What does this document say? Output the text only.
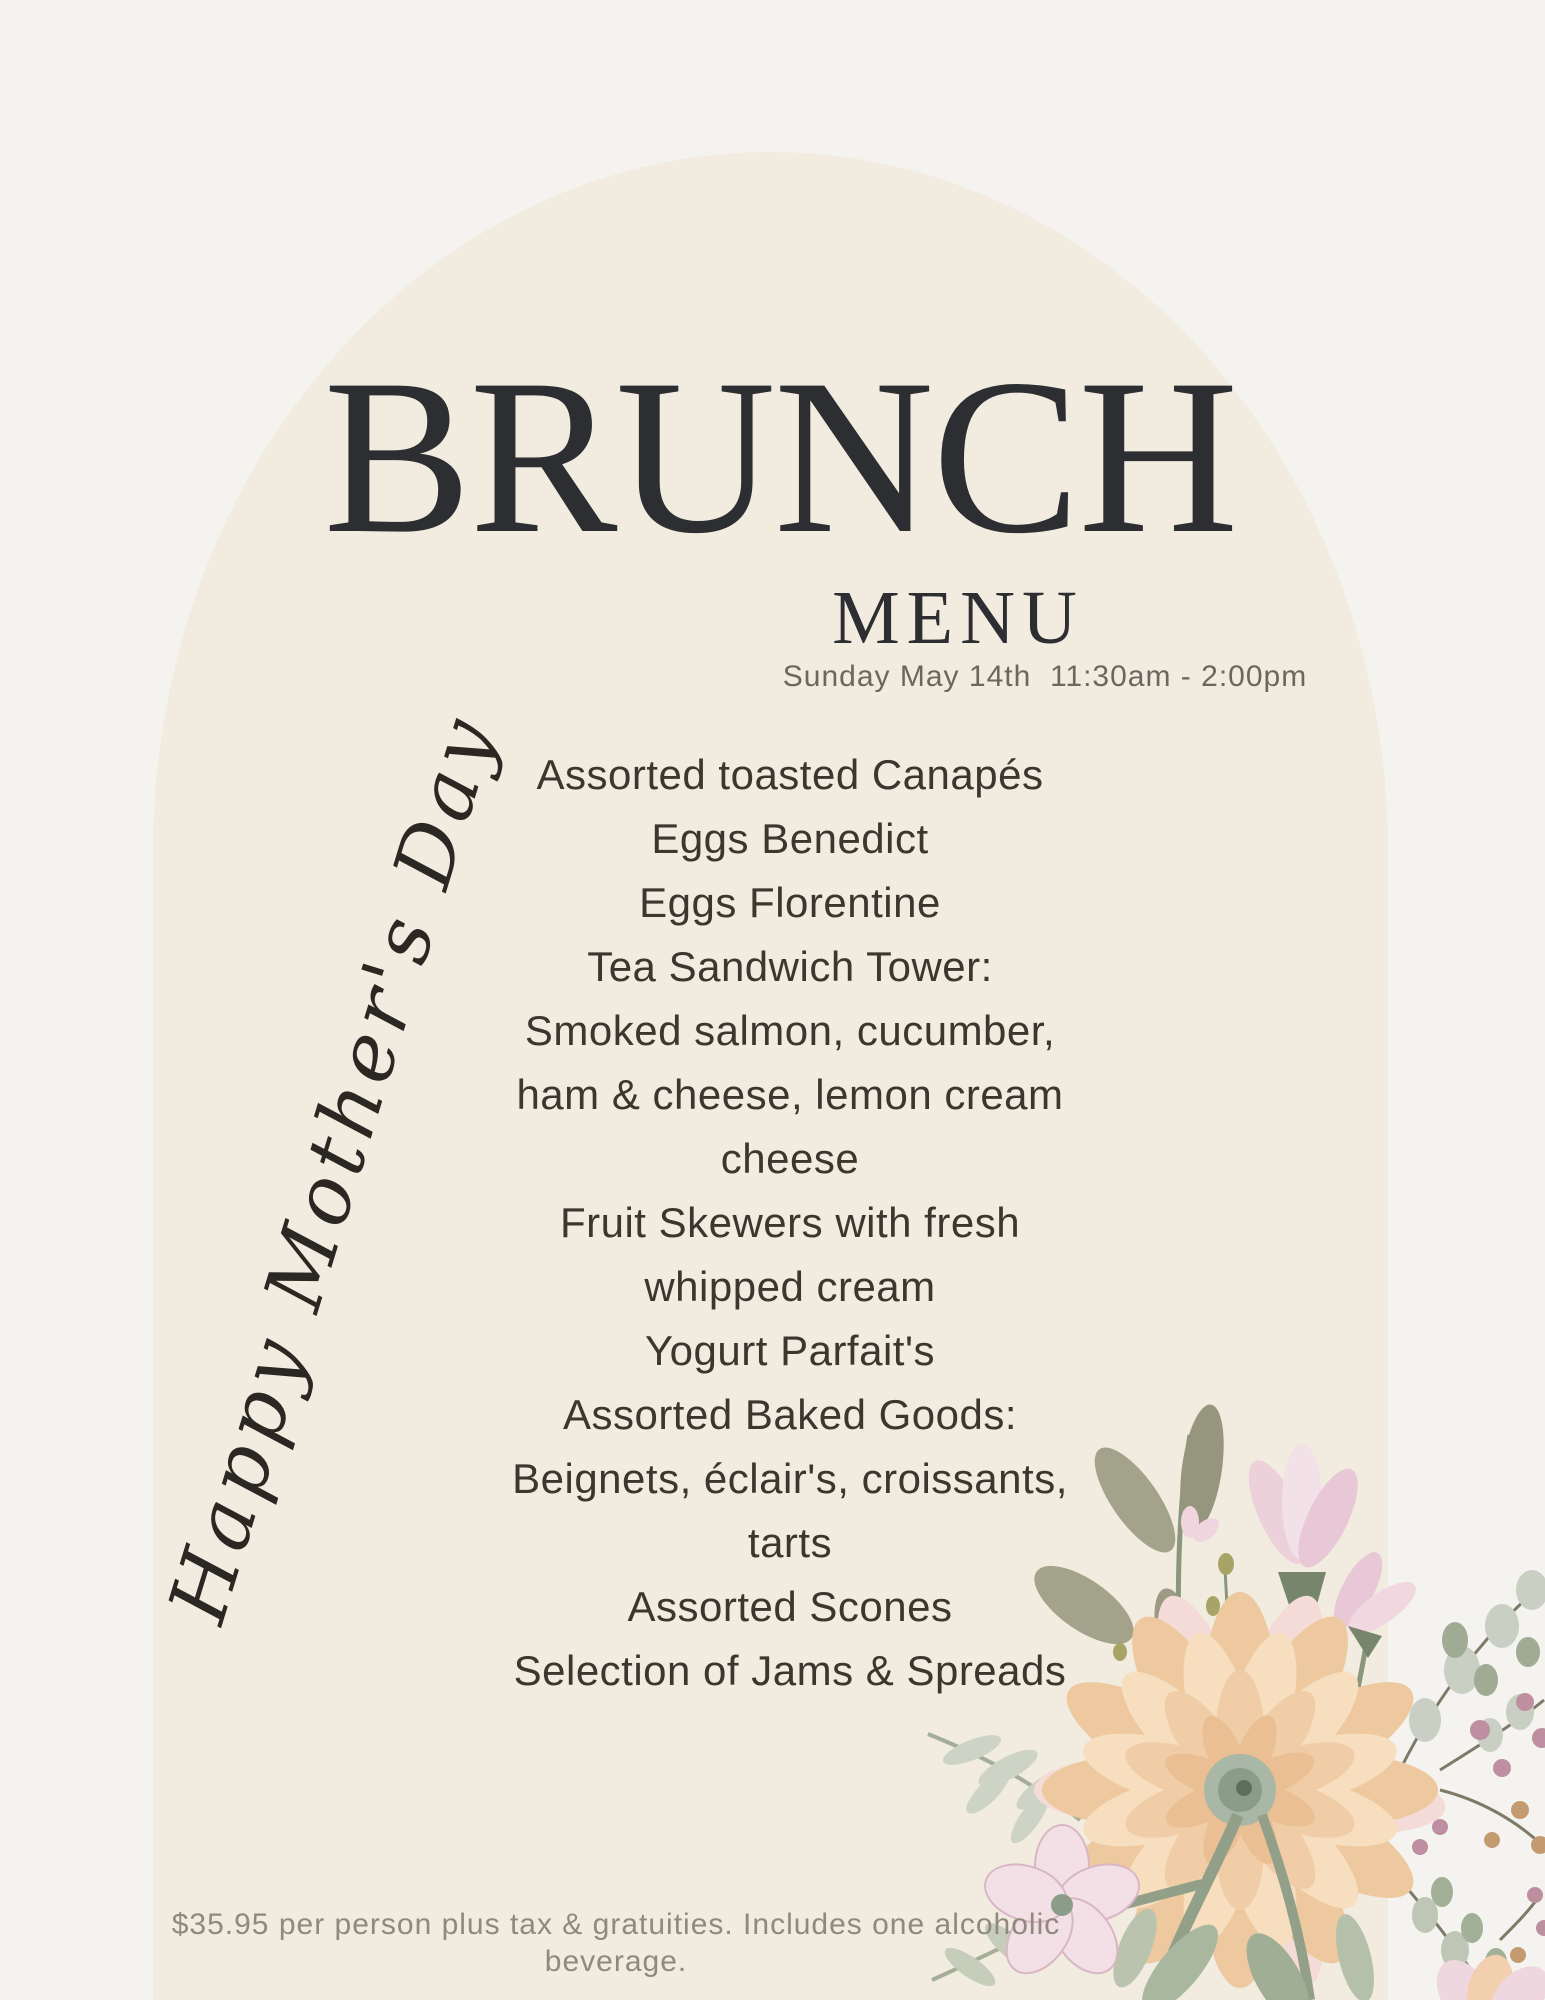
BRUNCH
MENU
Sunday May 14th  11:30am - 2:00pm
Happy Mother's Day Assorted toasted Canapés
Eggs Benedict
Eggs Florentine
Tea Sandwich Tower:
Smoked salmon, cucumber,
ham & cheese, lemon cream
cheese
Fruit Skewers with fresh
whipped cream
Yogurt Parfait's
Assorted Baked Goods:
Beignets, éclair's, croissants,
tarts
Assorted Scones
Selection of Jams & Spreads
$35.95 per person plus tax & gratuities. Includes one alcoholic
beverage.
